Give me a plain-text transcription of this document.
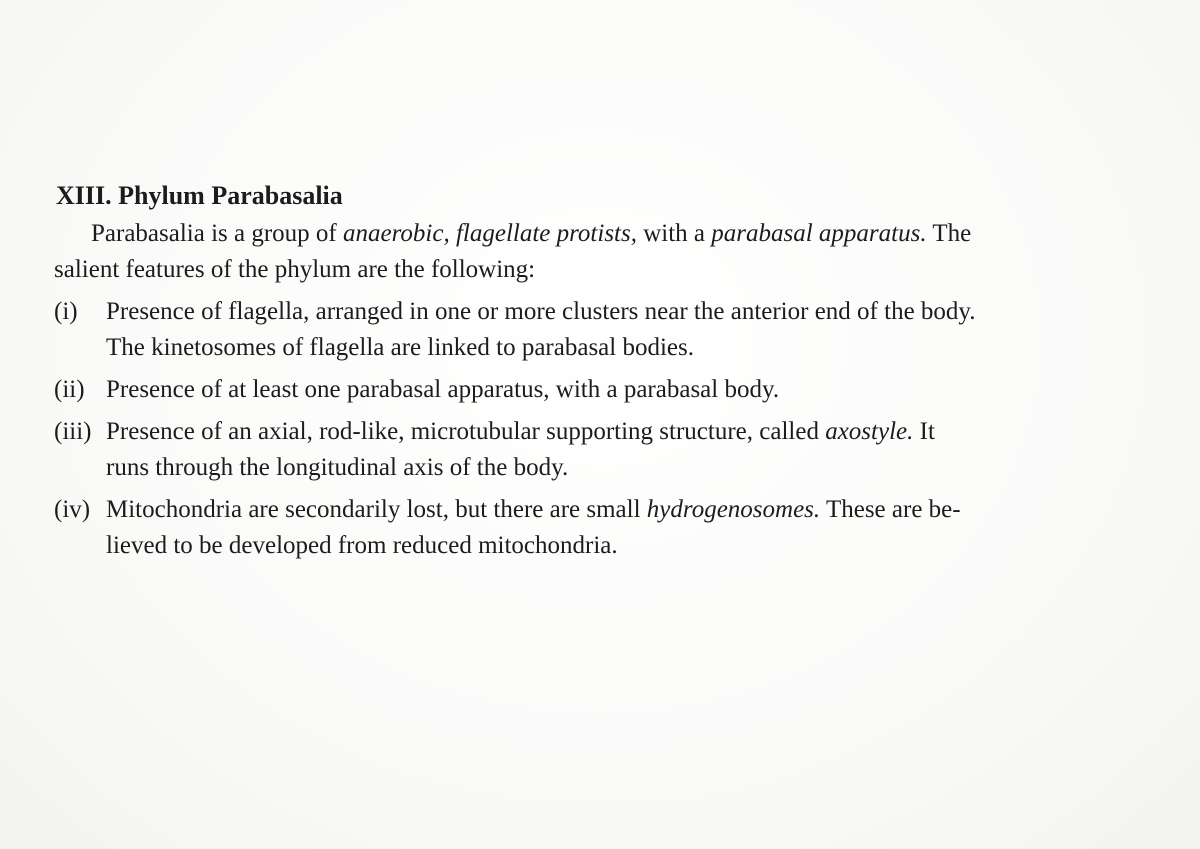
XIII. Phylum Parabasalia
Parabasalia is a group of anaerobic, flagellate protists, with a parabasal apparatus. The
salient features of the phylum are the following:
(i) Presence of flagella, arranged in one or more clusters near the anterior end of the body.
The kinetosomes of flagella are linked to parabasal bodies.
(ii) Presence of at least one parabasal apparatus, with a parabasal body.
(iii) Presence of an axial, rod-like, microtubular supporting structure, called axostyle. It
runs through the longitudinal axis of the body.
(iv) Mitochondria are secondarily lost, but there are small hydrogenosomes. These are be-
lieved to be developed from reduced mitochondria.
